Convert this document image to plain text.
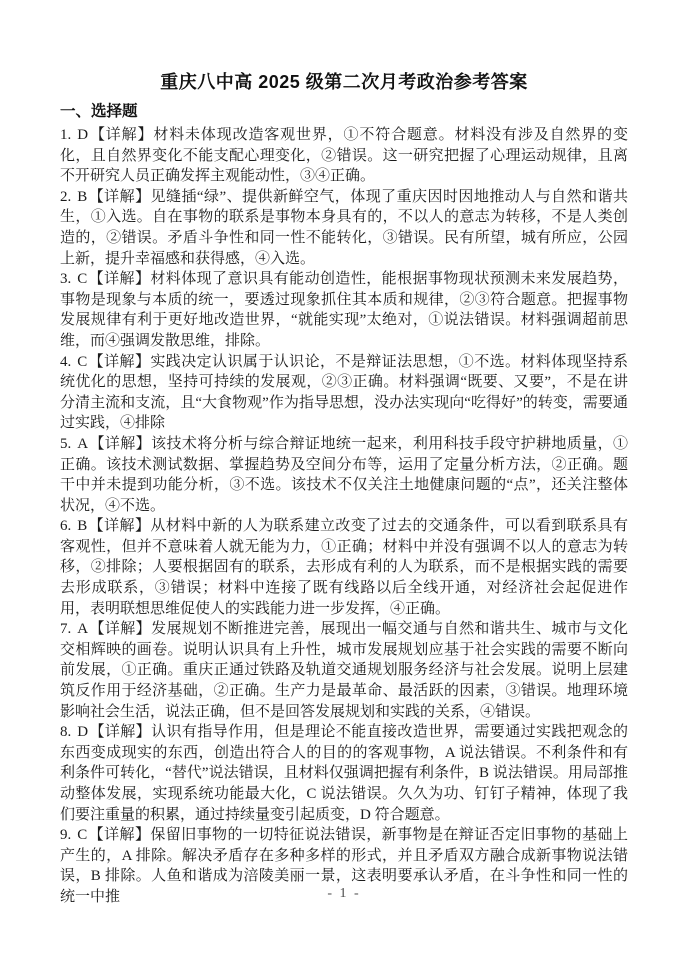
重庆八中高 2025 级第二次月考政治参考答案
一、选择题

1. D【详解】材料未体现改造客观世界，①不符合题意。材料没有涉及自然界的变化，且自然界变化不能支配心理变化，②错误。这一研究把握了心理运动规律，且离不开研究人员正确发挥主观能动性，③④正确。

2. B【详解】见缝插“绿”、提供新鲜空气，体现了重庆因时因地推动人与自然和谐共生，①入选。自在事物的联系是事物本身具有的，不以人的意志为转移，不是人类创造的，②错误。矛盾斗争性和同一性不能转化，③错误。民有所望，城有所应，公园上新，提升幸福感和获得感，④入选。

3. C【详解】材料体现了意识具有能动创造性，能根据事物现状预测未来发展趋势，事物是现象与本质的统一，要透过现象抓住其本质和规律，②③符合题意。把握事物发展规律有利于更好地改造世界，“就能实现”太绝对，①说法错误。材料强调超前思维，而④强调发散思维，排除。

4. C【详解】实践决定认识属于认识论，不是辩证法思想，①不选。材料体现坚持系统优化的思想，坚持可持续的发展观，②③正确。材料强调“既要、又要”，不是在讲分清主流和支流，且“大食物观”作为指导思想，没办法实现向“吃得好”的转变，需要通过实践，④排除

5. A【详解】该技术将分析与综合辩证地统一起来，利用科技手段守护耕地质量，①正确。该技术测试数据、掌握趋势及空间分布等，运用了定量分析方法，②正确。题干中并未提到功能分析，③不选。该技术不仅关注土地健康问题的“点”，还关注整体状况，④不选。

6. B【详解】从材料中新的人为联系建立改变了过去的交通条件，可以看到联系具有客观性，但并不意味着人就无能为力，①正确；材料中并没有强调不以人的意志为转移，②排除；人要根据固有的联系，去形成有利的人为联系，而不是根据实践的需要去形成联系，③错误；材料中连接了既有线路以后全线开通，对经济社会起促进作用，表明联想思维促使人的实践能力进一步发挥，④正确。

7. A【详解】发展规划不断推进完善，展现出一幅交通与自然和谐共生、城市与文化交相辉映的画卷。说明认识具有上升性，城市发展规划应基于社会实践的需要不断向前发展，①正确。重庆正通过铁路及轨道交通规划服务经济与社会发展。说明上层建筑反作用于经济基础，②正确。生产力是最革命、最活跃的因素，③错误。地理环境影响社会生活，说法正确，但不是回答发展规划和实践的关系，④错误。

8. D【详解】认识有指导作用，但是理论不能直接改造世界，需要通过实践把观念的东西变成现实的东西，创造出符合人的目的的客观事物，A 说法错误。不利条件和有利条件可转化，“替代”说法错误，且材料仅强调把握有利条件，B 说法错误。用局部推动整体发展，实现系统功能最大化，C 说法错误。久久为功、钉钉子精神，体现了我们要注重量的积累，通过持续量变引起质变，D 符合题意。

9. C【详解】保留旧事物的一切特征说法错误，新事物是在辩证否定旧事物的基础上产生的，A 排除。解决矛盾存在多种多样的形式，并且矛盾双方融合成新事物说法错误，B 排除。人鱼和谐成为涪陵美丽一景，这表明要承认矛盾，在斗争性和同一性的统一中推	- 1 -
